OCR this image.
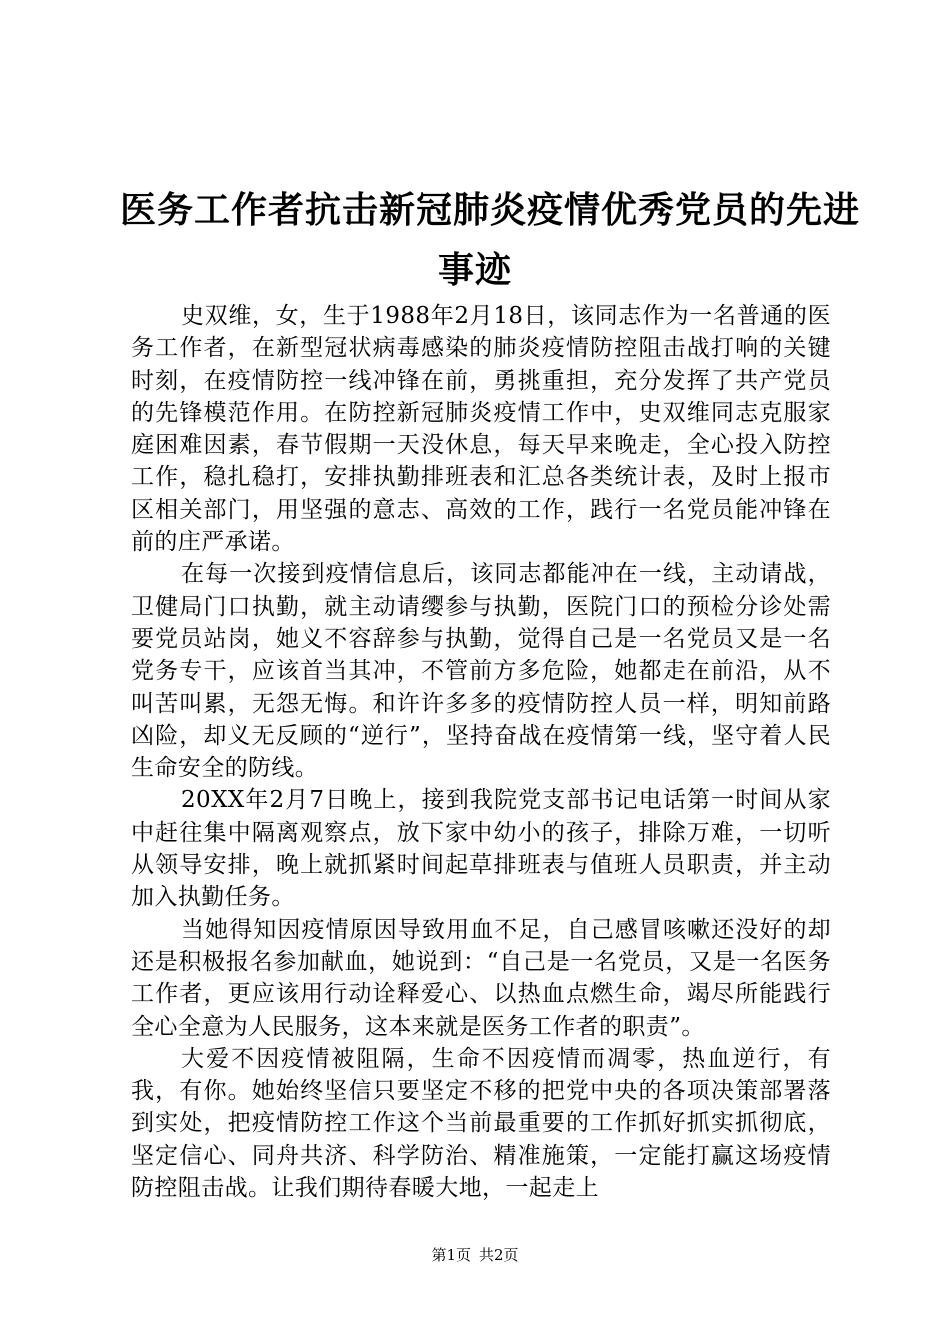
医务工作者抗击新冠肺炎疫情优秀党员的先进
事迹

史双维，女，生于1988年2月18日，该同志作为一名普通的医务工作者，在新型冠状病毒感染的肺炎疫情防控阻击战打响的关键时刻，在疫情防控一线冲锋在前，勇挑重担，充分发挥了共产党员的先锋模范作用。在防控新冠肺炎疫情工作中，史双维同志克服家庭困难因素，春节假期一天没休息，每天早来晚走，全心投入防控工作，稳扎稳打，安排执勤排班表和汇总各类统计表，及时上报市区相关部门，用坚强的意志、高效的工作，践行一名党员能冲锋在前的庄严承诺。

在每一次接到疫情信息后，该同志都能冲在一线，主动请战，卫健局门口执勤，就主动请缨参与执勤，医院门口的预检分诊处需要党员站岗，她义不容辞参与执勤，觉得自己是一名党员又是一名党务专干，应该首当其冲，不管前方多危险，她都走在前沿，从不叫苦叫累，无怨无悔。和许许多多的疫情防控人员一样，明知前路凶险，却义无反顾的“逆行”，坚持奋战在疫情第一线，坚守着人民生命安全的防线。

20XX年2月7日晚上，接到我院党支部书记电话第一时间从家中赶往集中隔离观察点，放下家中幼小的孩子，排除万难，一切听从领导安排，晚上就抓紧时间起草排班表与值班人员职责，并主动加入执勤任务。

当她得知因疫情原因导致用血不足，自己感冒咳嗽还没好的却还是积极报名参加献血，她说到：“自己是一名党员，又是一名医务工作者，更应该用行动诠释爱心、以热血点燃生命，竭尽所能践行全心全意为人民服务，这本来就是医务工作者的职责”。

大爱不因疫情被阻隔，生命不因疫情而凋零，热血逆行，有我，有你。她始终坚信只要坚定不移的把党中央的各项决策部署落到实处，把疫情防控工作这个当前最重要的工作抓好抓实抓彻底，坚定信心、同舟共济、科学防治、精准施策，一定能打赢这场疫情防控阻击战。让我们期待春暖大地，一起走上

第1页 共2页
